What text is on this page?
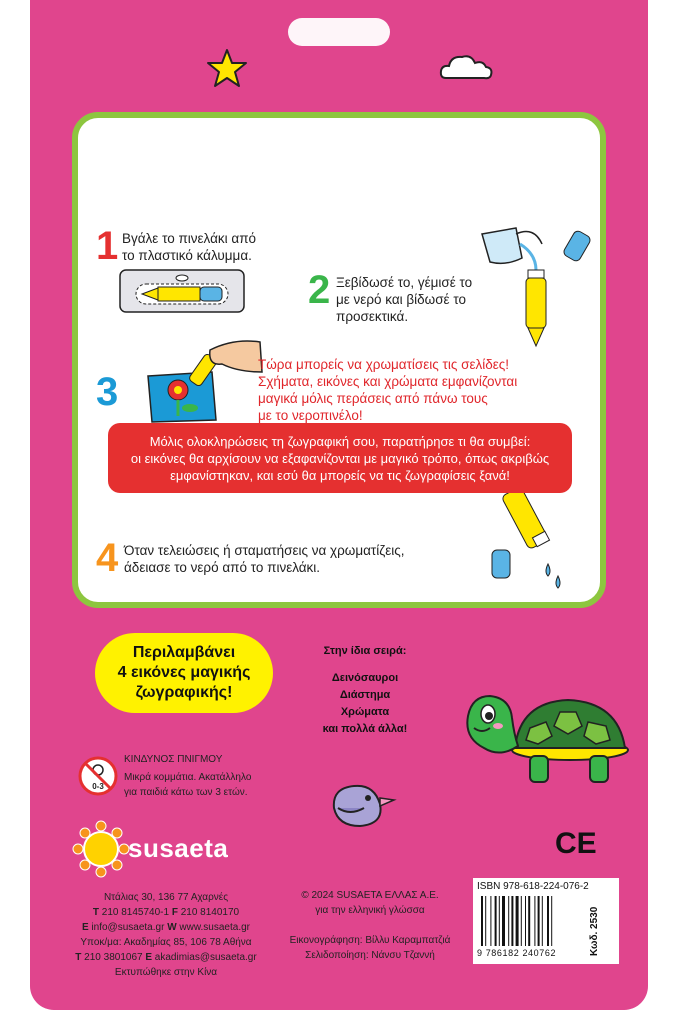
1 Βγάλε το πινελάκι από
το πλαστικό κάλυμμα.
2 Ξεβίδωσέ το, γέμισέ το
με νερό και βίδωσέ το
προσεκτικά.
3
Τώρα μπορείς να χρωματίσεις τις σελίδες!
Σχήματα, εικόνες και χρώματα εμφανίζονται
μαγικά μόλις περάσεις από πάνω τους
με το νεροπινέλο!
4 Όταν τελειώσεις ή σταματήσεις να χρωματίζεις,
άδειασε το νερό από το πινελάκι.
Μόλις ολοκληρώσεις τη ζωγραφική σου, παρατήρησε τι θα συμβεί:
οι εικόνες θα αρχίσουν να εξαφανίζονται με μαγικό τρόπο, όπως ακριβώς
εμφανίστηκαν, και εσύ θα μπορείς να τις ζωγραφίσεις ξανά!
Περιλαμβάνει
4 εικόνες μαγικής
ζωγραφικής!
Στην ίδια σειρά:
Δεινόσαυροι
Διάστημα
Χρώματα
και πολλά άλλα!
0-3
ΚΙΝΔΥΝΟΣ ΠΝΙΓΜΟΥ
Μικρά κομμάτια. Ακατάλληλο
για παιδιά κάτω των 3 ετών.
susaeta
Ντάλιας 30, 136 77 Αχαρνές
T 210 8145740-1 F 210 8140170
E info@susaeta.gr W www.susaeta.gr
Υποκ/μα: Ακαδημίας 85, 106 78 Αθήνα
T 210 3801067 E akadimias@susaeta.gr
Εκτυπώθηκε στην Κίνα
© 2024 SUSAETA ΕΛΛΑΣ Α.Ε.
για την ελληνική γλώσσα
Εικονογράφηση: Βίλλυ Καραμπατζιά
Σελιδοποίηση: Νάνσυ Τζαννή
CE
ISBN 978-618-224-076-2
9 786182 240762	Κωδ. 2530
